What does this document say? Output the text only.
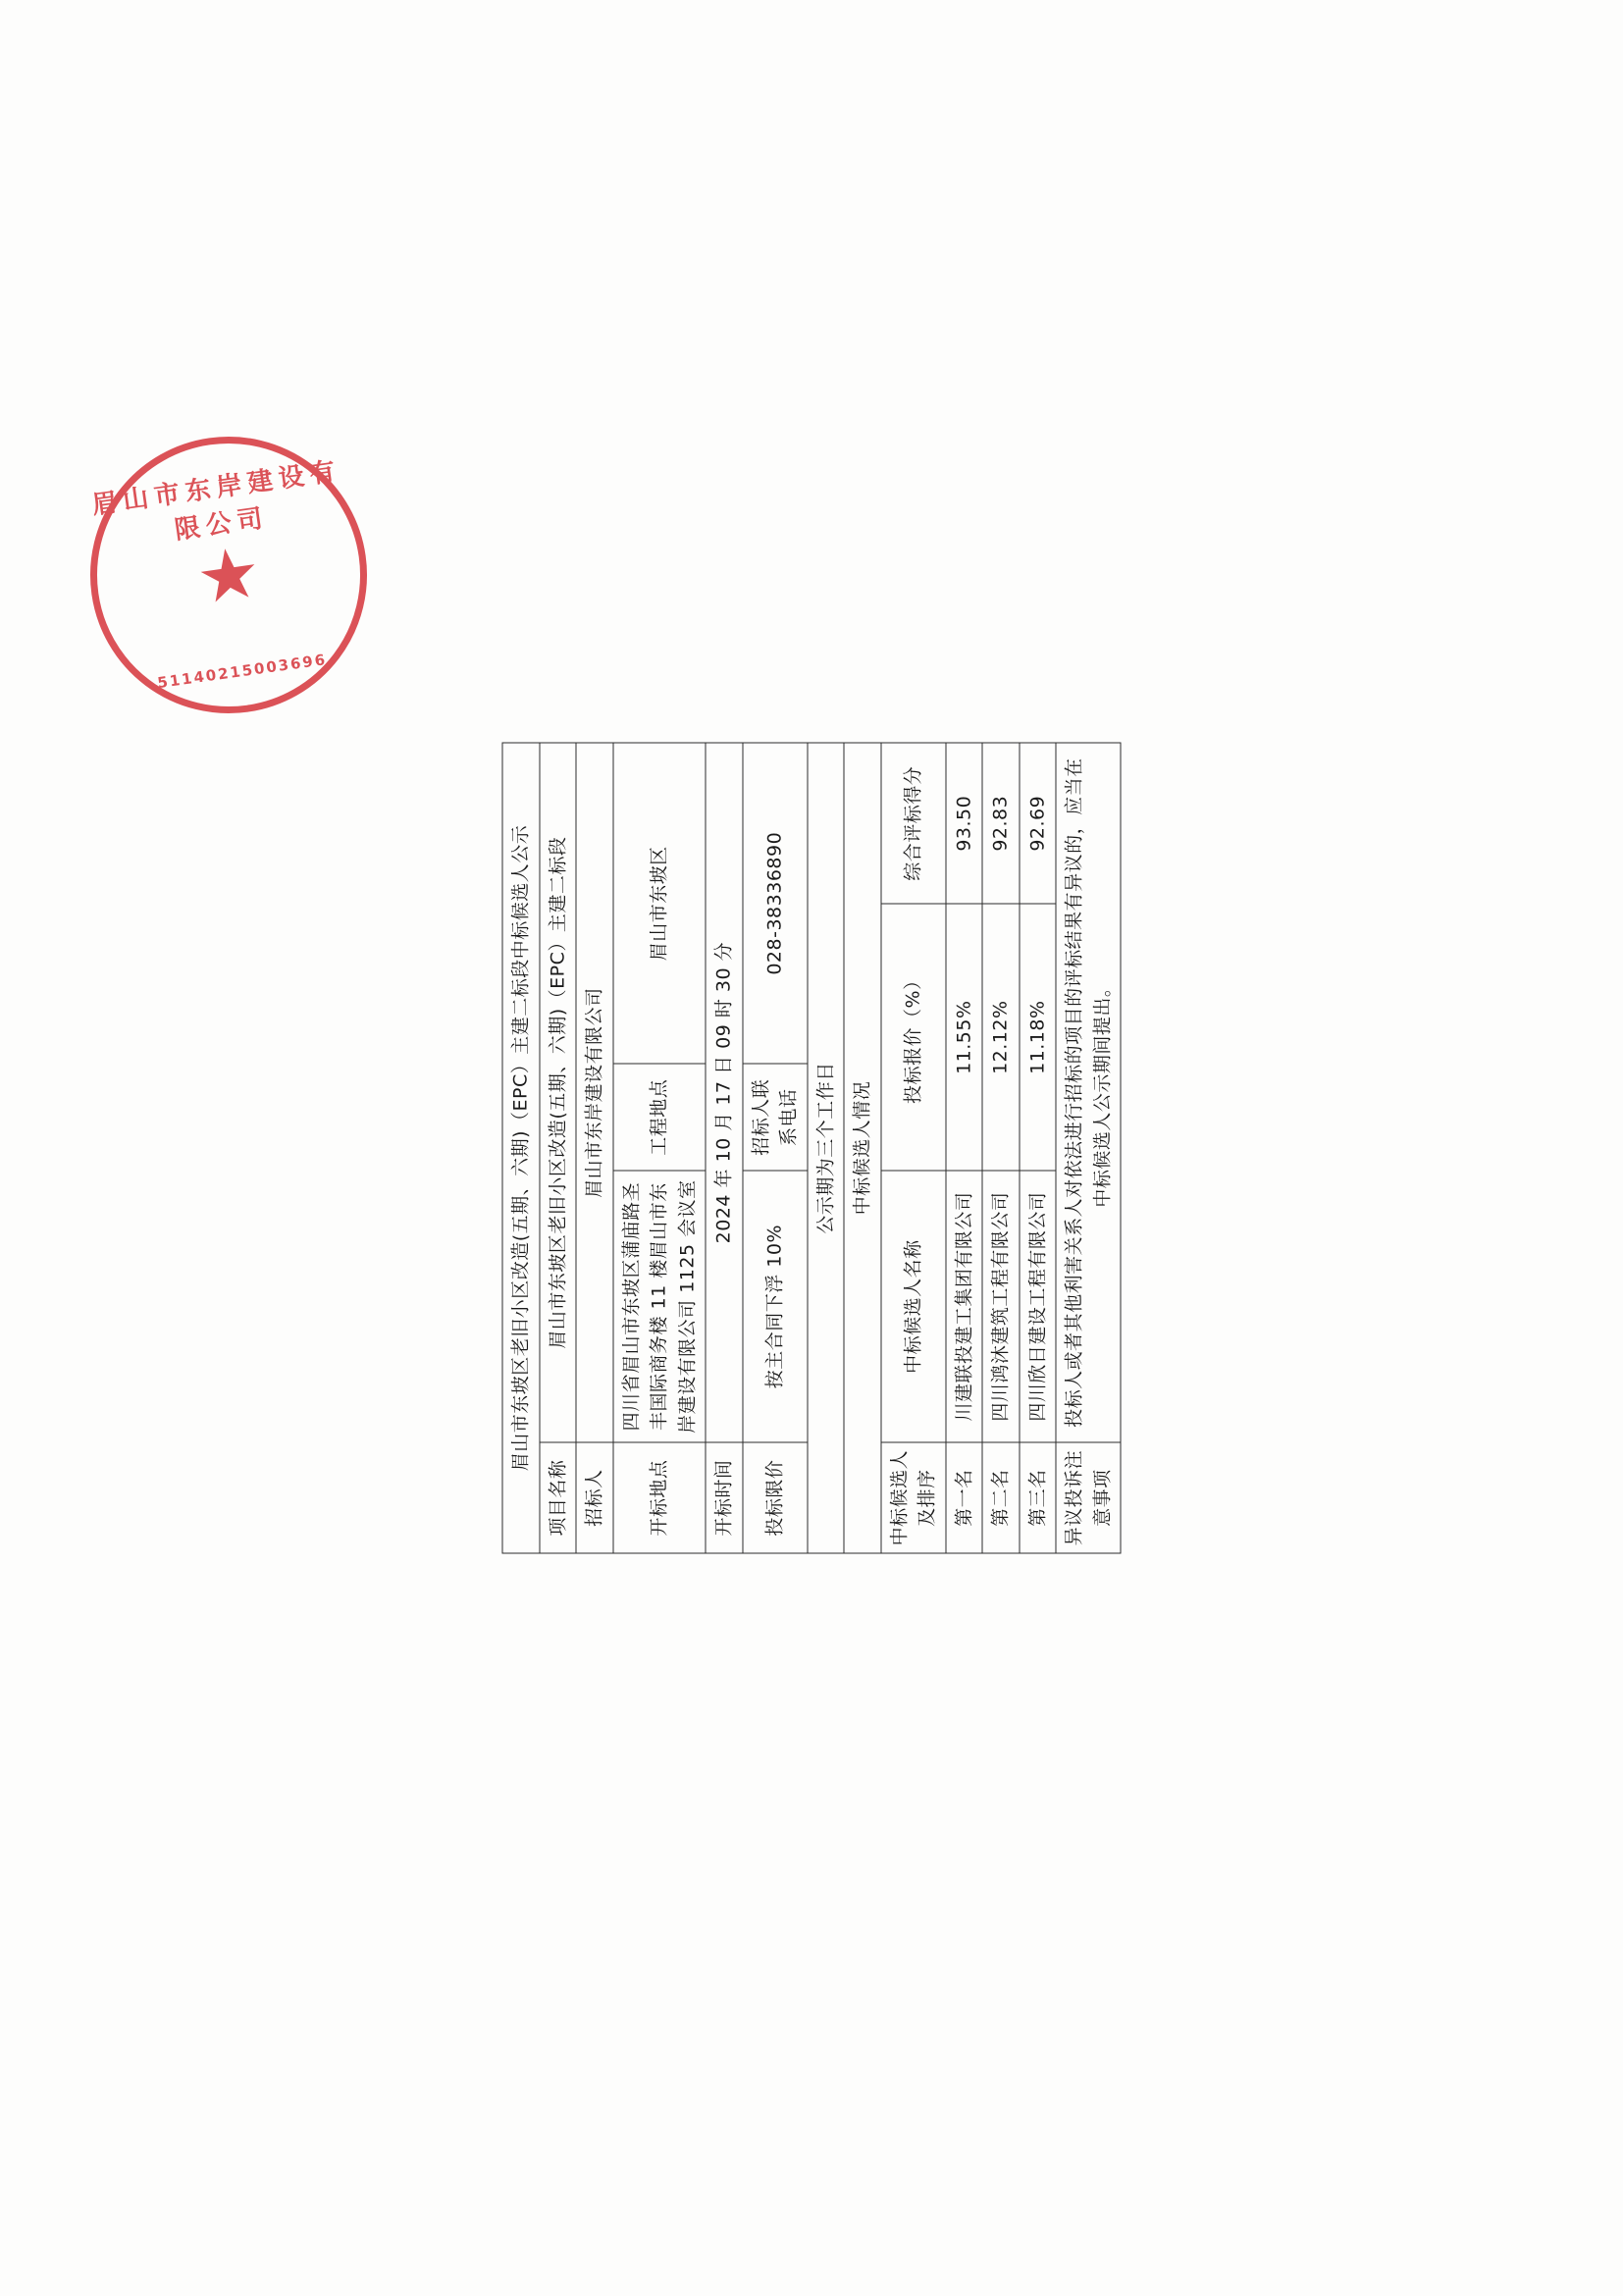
眉山市东坡区老旧小区改造(五期、六期)（EPC）主建二标段中标候选人公示				
项目名称	眉山市东坡区老旧小区改造(五期、六期)（EPC）主建二标段			
招标人	眉山市东岸建设有限公司			
开标地点	四川省眉山市东坡区蒲庙路圣丰国际商务楼 11 楼眉山市东岸建设有限公司 1125 会议室	工程地点	眉山市东坡区	
开标时间	2024 年 10 月 17 日 09 时 30 分			
投标限价	按主合同下浮 10%	招标人联系电话	028-38336890	
公示期为三个工作日				
中标候选人情况				
中标候选人及排序	中标候选人名称	投标报价（%）		综合评标得分
第一名	川建联投建工集团有限公司	11.55%		93.50
第二名	四川鸿沐建筑工程有限公司	12.12%		92.83
第三名	四川欣日建设工程有限公司	11.18%		92.69
异议投诉注意事项	投标人或者其他利害关系人对依法进行招标的项目的评标结果有异议的，应当在中标候选人公示期间提出。			
眉山市东岸建设有限公司
★
51140215003696
